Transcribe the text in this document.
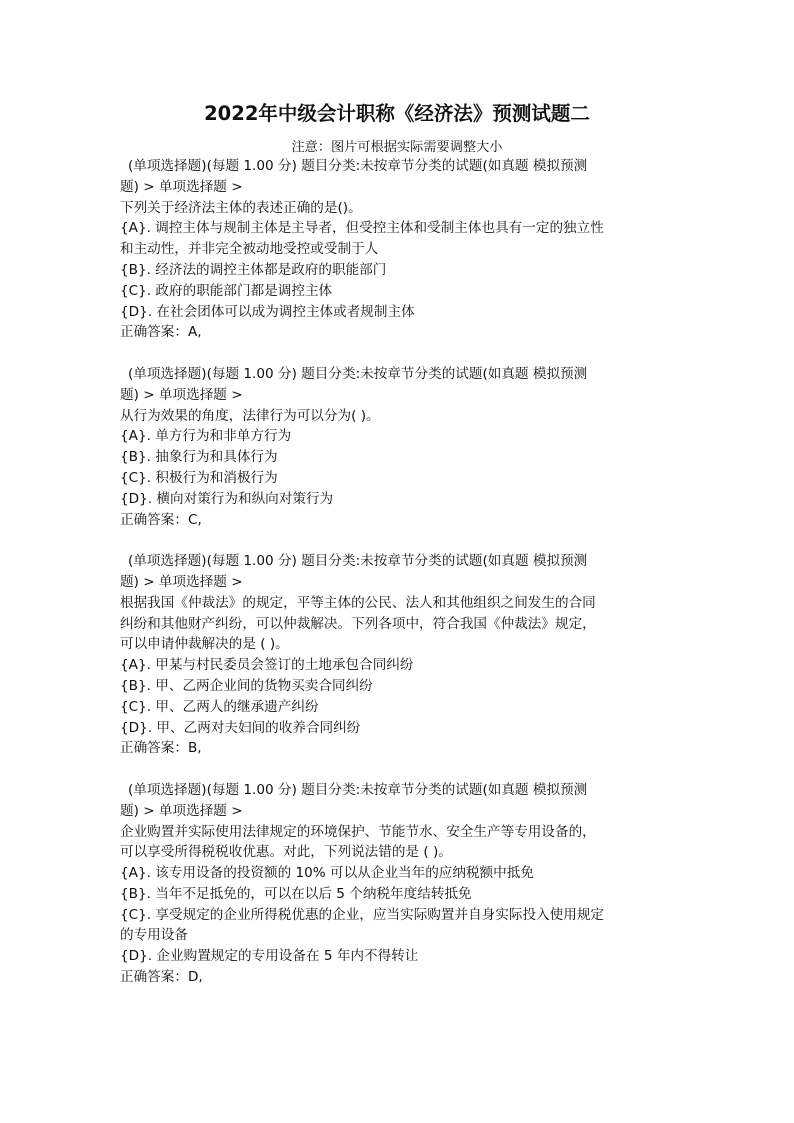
2022年中级会计职称《经济法》预测试题二
注意：图片可根据实际需要调整大小
(单项选择题)(每题 1.00 分) 题目分类:未按章节分类的试题(如真题 模拟预测
题) > 单项选择题 >
下列关于经济法主体的表述正确的是()。
{A}. 调控主体与规制主体是主导者，但受控主体和受制主体也具有一定的独立性
和主动性，并非完全被动地受控或受制于人
{B}. 经济法的调控主体都是政府的职能部门
{C}. 政府的职能部门都是调控主体
{D}. 在社会团体可以成为调控主体或者规制主体
正确答案：A,
(单项选择题)(每题 1.00 分) 题目分类:未按章节分类的试题(如真题 模拟预测
题) > 单项选择题 >
从行为效果的角度，法律行为可以分为( )。
{A}. 单方行为和非单方行为
{B}. 抽象行为和具体行为
{C}. 积极行为和消极行为
{D}. 横向对策行为和纵向对策行为
正确答案：C,
(单项选择题)(每题 1.00 分) 题目分类:未按章节分类的试题(如真题 模拟预测
题) > 单项选择题 >
根据我国《仲裁法》的规定，平等主体的公民、法人和其他组织之间发生的合同
纠纷和其他财产纠纷，可以仲裁解决。下列各项中，符合我国《仲裁法》规定，
可以申请仲裁解决的是 ( )。
{A}. 甲某与村民委员会签订的土地承包合同纠纷
{B}. 甲、乙两企业间的货物买卖合同纠纷
{C}. 甲、乙两人的继承遗产纠纷
{D}. 甲、乙两对夫妇间的收养合同纠纷
正确答案：B,
(单项选择题)(每题 1.00 分) 题目分类:未按章节分类的试题(如真题 模拟预测
题) > 单项选择题 >
企业购置并实际使用法律规定的环境保护、节能节水、安全生产等专用设备的，
可以享受所得税税收优惠。对此，下列说法错的是 ( )。
{A}. 该专用设备的投资额的 10% 可以从企业当年的应纳税额中抵免
{B}. 当年不足抵免的，可以在以后 5 个纳税年度结转抵免
{C}. 享受规定的企业所得税优惠的企业，应当实际购置并自身实际投入使用规定
的专用设备
{D}. 企业购置规定的专用设备在 5 年内不得转让
正确答案：D,
